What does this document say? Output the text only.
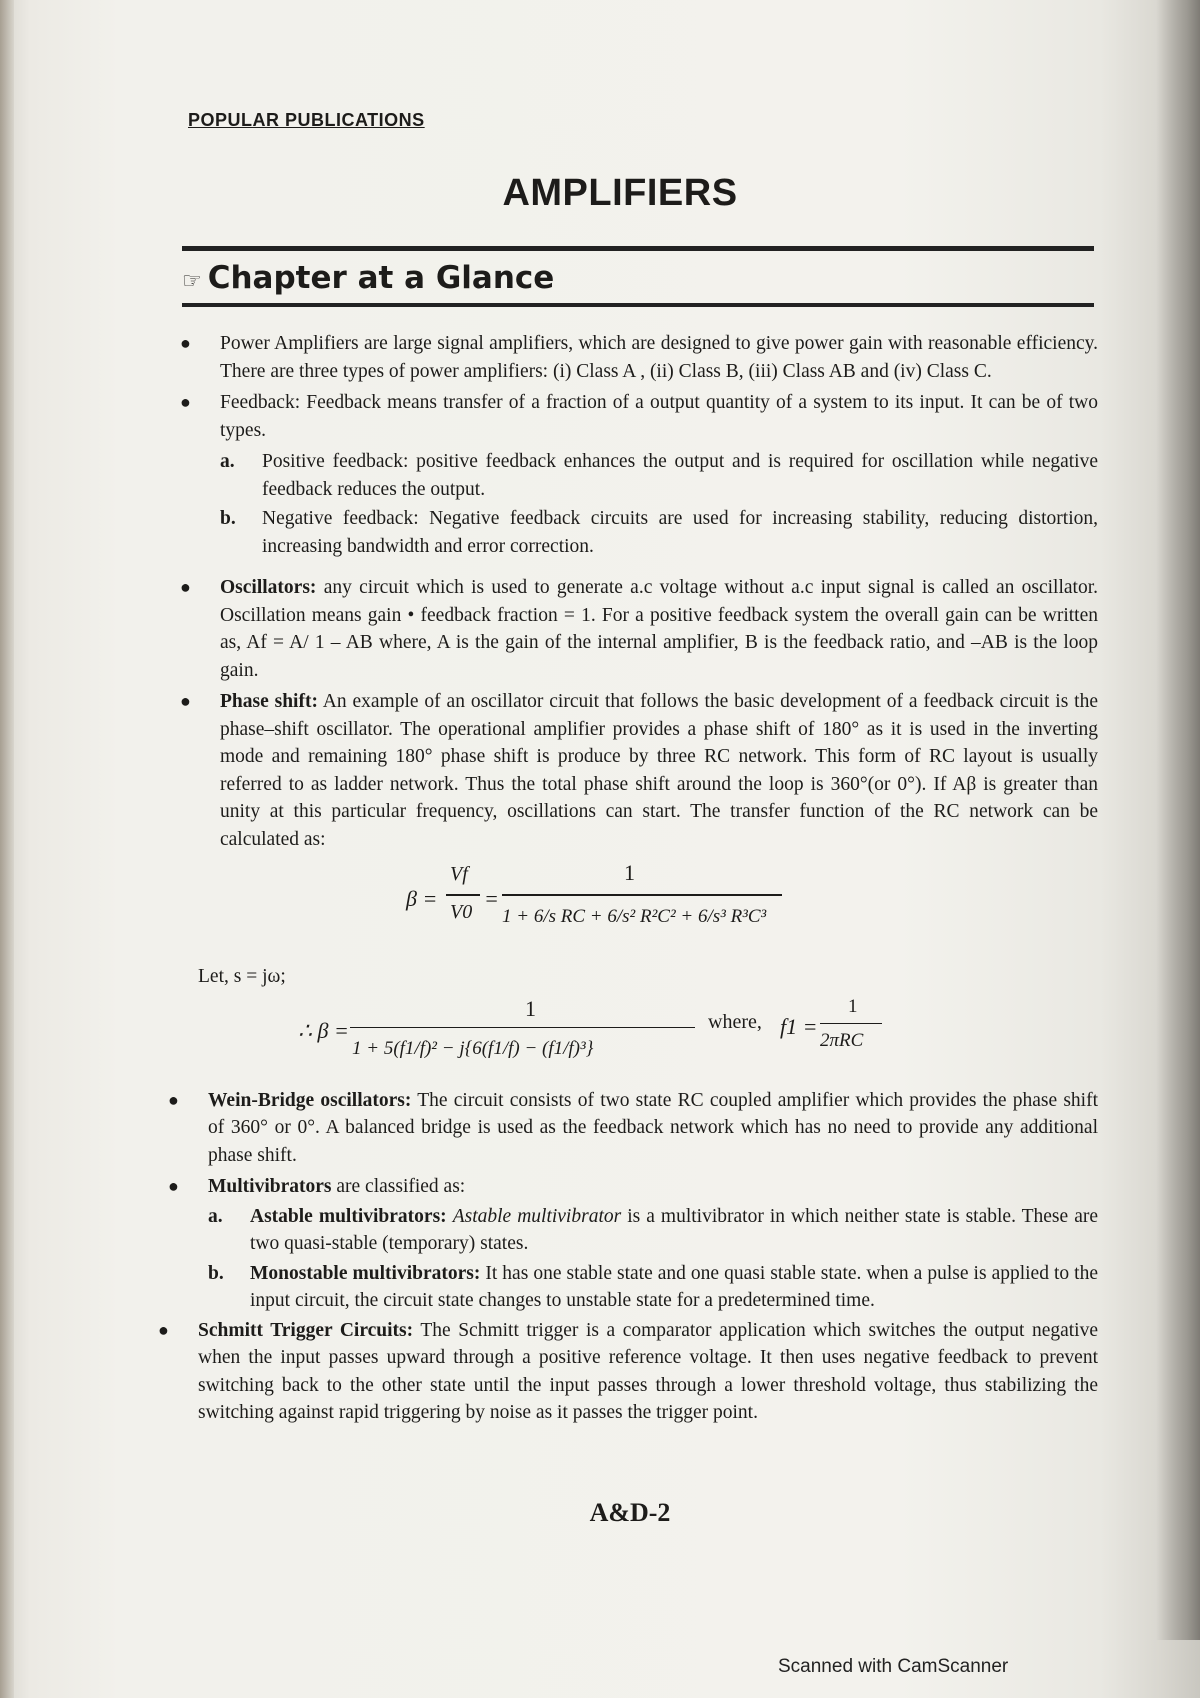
POPULAR PUBLICATIONS
AMPLIFIERS
☞ Chapter at a Glance
● Power Amplifiers are large signal amplifiers, which are designed to give power gain with reasonable efficiency. There are three types of power amplifiers: (i) Class A , (ii) Class B, (iii) Class AB and (iv) Class C.
● Feedback: Feedback means transfer of a fraction of a output quantity of a system to its input. It can be of two types.
a. Positive feedback: positive feedback enhances the output and is required for oscillation while negative feedback reduces the output.
b. Negative feedback: Negative feedback circuits are used for increasing stability, reducing distortion, increasing bandwidth and error correction.
● Oscillators: any circuit which is used to generate a.c voltage without a.c input signal is called an oscillator. Oscillation means gain • feedback fraction = 1. For a positive feedback system the overall gain can be written as, Af = A/ 1 – AB where, A is the gain of the internal amplifier, B is the feedback ratio, and –AB is the loop gain.
● Phase shift: An example of an oscillator circuit that follows the basic development of a feedback circuit is the phase–shift oscillator. The operational amplifier provides a phase shift of 180° as it is used in the inverting mode and remaining 180° phase shift is produce by three RC network. This form of RC layout is usually referred to as ladder network. Thus the total phase shift around the loop is 360°(or 0°). If Aβ is greater than unity at this particular frequency, oscillations can start. The transfer function of the RC network can be calculated as:
β =
Vf
V0
=
1
1 + 6/s RC + 6/s² R²C² + 6/s³ R³C³
Let, s = jω;
∴ β =
1
1 + 5(f1/f)² − j{6(f1/f) − (f1/f)³}
where, f1 =
1
2πRC
● Wein-Bridge oscillators: The circuit consists of two state RC coupled amplifier which provides the phase shift of 360° or 0°. A balanced bridge is used as the feedback network which has no need to provide any additional phase shift.
● Multivibrators are classified as:
a. Astable multivibrators: Astable multivibrator is a multivibrator in which neither state is stable. These are two quasi-stable (temporary) states.
b. Monostable multivibrators: It has one stable state and one quasi stable state. when a pulse is applied to the input circuit, the circuit state changes to unstable state for a predetermined time.
● Schmitt Trigger Circuits: The Schmitt trigger is a comparator application which switches the output negative when the input passes upward through a positive reference voltage. It then uses negative feedback to prevent switching back to the other state until the input passes through a lower threshold voltage, thus stabilizing the switching against rapid triggering by noise as it passes the trigger point.
A&D-2
Scanned with CamScanner
